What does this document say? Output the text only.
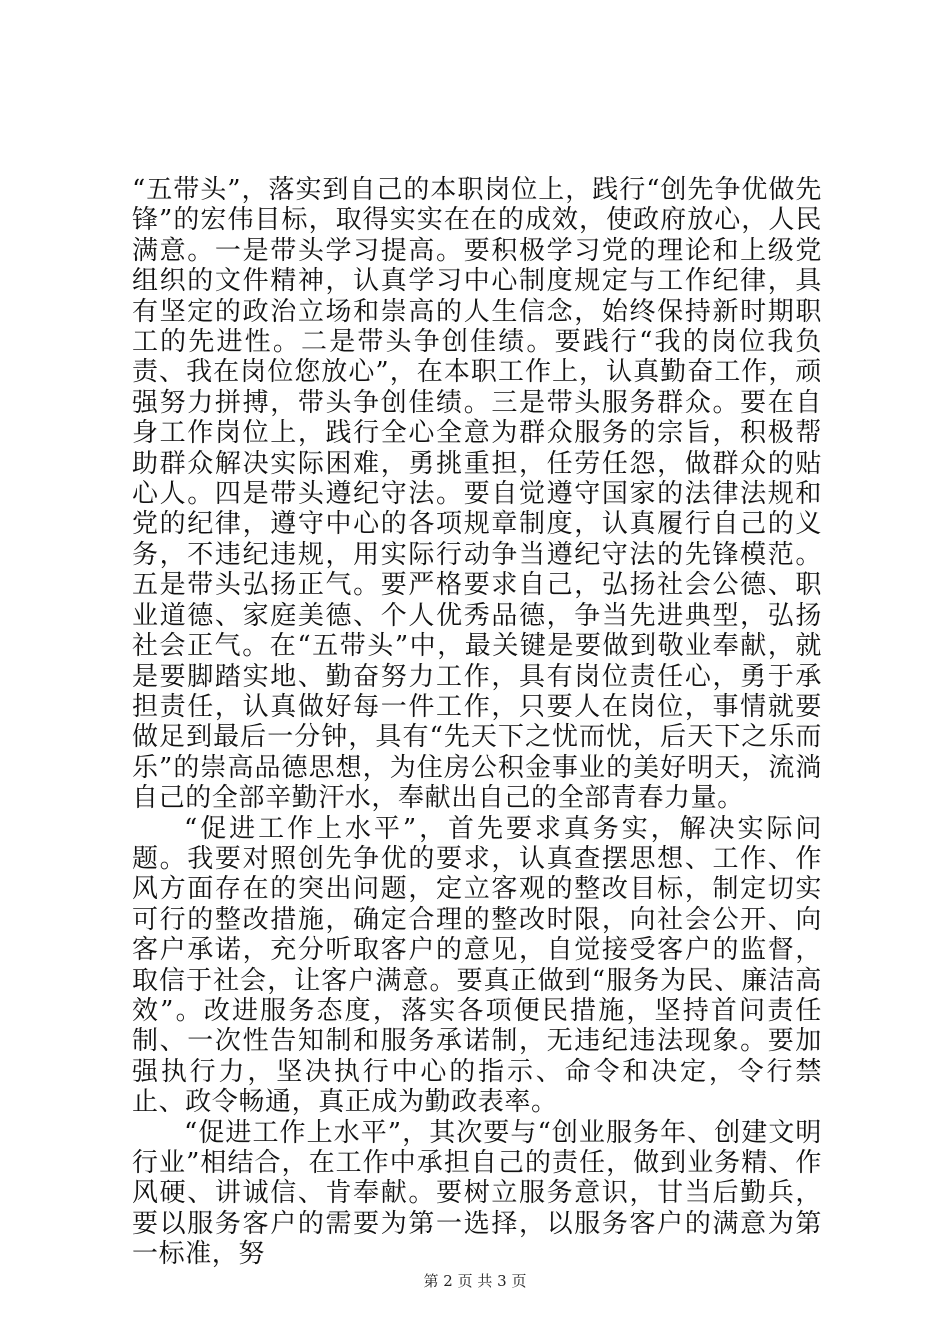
“五带头”，落实到自己的本职岗位上，践行“创先争优做先锋”的宏伟目标，取得实实在在的成效，使政府放心，人民满意。一是带头学习提高。要积极学习党的理论和上级党组织的文件精神，认真学习中心制度规定与工作纪律，具有坚定的政治立场和崇高的人生信念，始终保持新时期职工的先进性。二是带头争创佳绩。要践行“我的岗位我负责、我在岗位您放心”，在本职工作上，认真勤奋工作，顽强努力拼搏，带头争创佳绩。三是带头服务群众。要在自身工作岗位上，践行全心全意为群众服务的宗旨，积极帮助群众解决实际困难，勇挑重担，任劳任怨，做群众的贴心人。四是带头遵纪守法。要自觉遵守国家的法律法规和党的纪律，遵守中心的各项规章制度，认真履行自己的义务，不违纪违规，用实际行动争当遵纪守法的先锋模范。五是带头弘扬正气。要严格要求自己，弘扬社会公德、职业道德、家庭美德、个人优秀品德，争当先进典型，弘扬社会正气。在“五带头”中，最关键是要做到敬业奉献，就是要脚踏实地、勤奋努力工作，具有岗位责任心，勇于承担责任，认真做好每一件工作，只要人在岗位，事情就要做足到最后一分钟，具有“先天下之忧而忧，后天下之乐而乐”的崇高品德思想，为住房公积金事业的美好明天，流淌自己的全部辛勤汗水，奉献出自己的全部青春力量。

“促进工作上水平”，首先要求真务实，解决实际问题。我要对照创先争优的要求，认真查摆思想、工作、作风方面存在的突出问题，定立客观的整改目标，制定切实可行的整改措施，确定合理的整改时限，向社会公开、向客户承诺，充分听取客户的意见，自觉接受客户的监督，取信于社会，让客户满意。要真正做到“服务为民、廉洁高效”。改进服务态度，落实各项便民措施，坚持首问责任制、一次性告知制和服务承诺制，无违纪违法现象。要加强执行力，坚决执行中心的指示、命令和决定，令行禁止、政令畅通，真正成为勤政表率。

“促进工作上水平”，其次要与“创业服务年、创建文明行业”相结合，在工作中承担自己的责任，做到业务精、作风硬、讲诚信、肯奉献。要树立服务意识，甘当后勤兵，要以服务客户的需要为第一选择，以服务客户的满意为第一标准，努

第 2 页 共 3 页
